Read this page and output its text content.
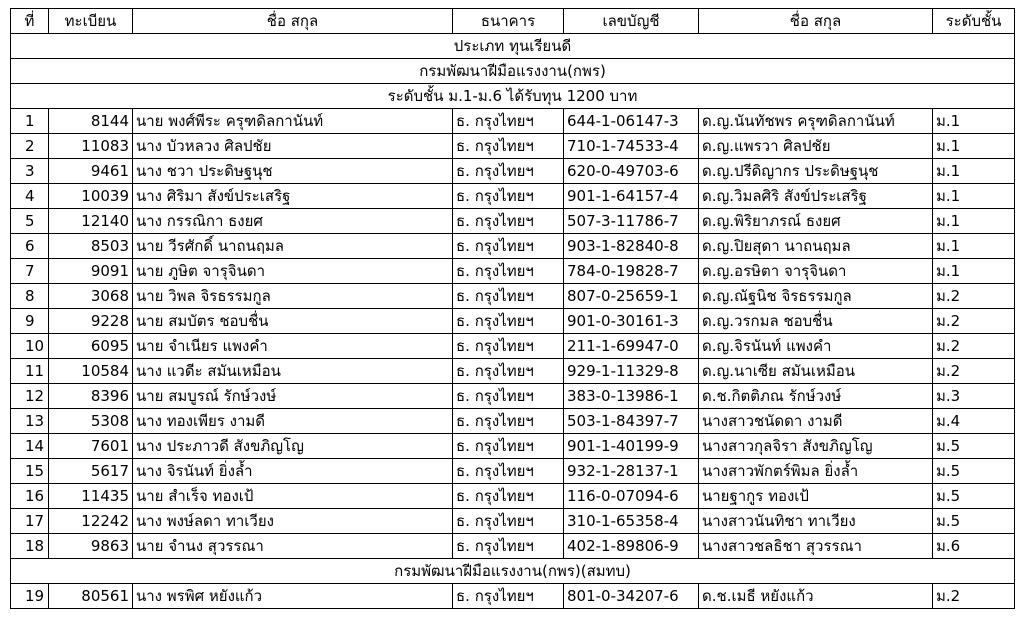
ประเภท ทุนเรียนดี						
กรมพัฒนาฝีมือแรงงาน(กพร)						
ระดับชั้น ม.1-ม.6 ได้รับทุน 1200 บาท						
ที่	ทะเบียน	ชื่อ สกุล	ธนาคาร	เลขบัญชี	ชื่อ สกุล	ระดับชั้น
1	8144	นาย พงศ์พีระ ครุฑดิลกานันท์	ธ. กรุงไทยฯ	644-1-06147-3	ด.ญ.นันทัชพร ครุฑดิลกานันท์	ม.1
2	11083	นาง บัวหลวง ศิลปชัย	ธ. กรุงไทยฯ	710-1-74533-4	ด.ญ.แพรวา ศิลปชัย	ม.1
3	9461	นาง ชวา ประดิษฐนุช	ธ. กรุงไทยฯ	620-0-49703-6	ด.ญ.ปรีดิญากร ประดิษฐนุช	ม.1
4	10039	นาง ศิริมา สังข์ประเสริฐ	ธ. กรุงไทยฯ	901-1-64157-4	ด.ญ.วิมลศิริ สังข์ประเสริฐ	ม.1
5	12140	นาง กรรณิกา ธงยศ	ธ. กรุงไทยฯ	507-3-11786-7	ด.ญ.พิริยาภรณ์ ธงยศ	ม.1
6	8503	นาย วีรศักดิ์ นาถนฤมล	ธ. กรุงไทยฯ	903-1-82840-8	ด.ญ.ปิยสุดา นาถนฤมล	ม.1
7	9091	นาย ภูษิต จารุจินดา	ธ. กรุงไทยฯ	784-0-19828-7	ด.ญ.อรษิตา จารุจินดา	ม.1
8	3068	นาย วิพล จิรธรรมกูล	ธ. กรุงไทยฯ	807-0-25659-1	ด.ญ.ณัฐนิช จิรธรรมกูล	ม.2
9	9228	นาย สมบัตร ชอบชื่น	ธ. กรุงไทยฯ	901-0-30161-3	ด.ญ.วรกมล ชอบชื่น	ม.2
10	6095	นาย จำเนียร แพงคำ	ธ. กรุงไทยฯ	211-1-69947-0	ด.ญ.จิรนันท์ แพงคำ	ม.2
11	10584	นาง แวดีะ สมันเหมือน	ธ. กรุงไทยฯ	929-1-11329-8	ด.ญ.นาเซีย สมันเหมือน	ม.2
12	8396	นาย สมบูรณ์ รักษ์วงษ์	ธ. กรุงไทยฯ	383-0-13986-1	ด.ช.กิตติภณ รักษ์วงษ์	ม.3
13	5308	นาง ทองเพียร งามดี	ธ. กรุงไทยฯ	503-1-84397-7	นางสาวชนัดดา งามดี	ม.4
14	7601	นาง ประภาวดี สังขภิญโญ	ธ. กรุงไทยฯ	901-1-40199-9	นางสาวกุลจิรา สังขภิญโญ	ม.5
15	5617	นาง จิรนันท์ ยิ่งล้ำ	ธ. กรุงไทยฯ	932-1-28137-1	นางสาวพักตร์พิมล ยิ่งล้ำ	ม.5
16	11435	นาย สำเร็จ ทองเป้	ธ. กรุงไทยฯ	116-0-07094-6	นายฐากูร ทองเป้	ม.5
17	12242	นาง พงษ์ลดา ทาเวียง	ธ. กรุงไทยฯ	310-1-65358-4	นางสาวนันทิชา ทาเวียง	ม.5
18	9863	นาย จำนง สุวรรณา	ธ. กรุงไทยฯ	402-1-89806-9	นางสาวชลธิชา สุวรรณา	ม.6
กรมพัฒนาฝีมือแรงงาน(กพร)(สมทบ)						
19	80561	นาง พรพิศ หยังแก้ว	ธ. กรุงไทยฯ	801-0-34207-6	ด.ช.เมธี หยังแก้ว	ม.2
